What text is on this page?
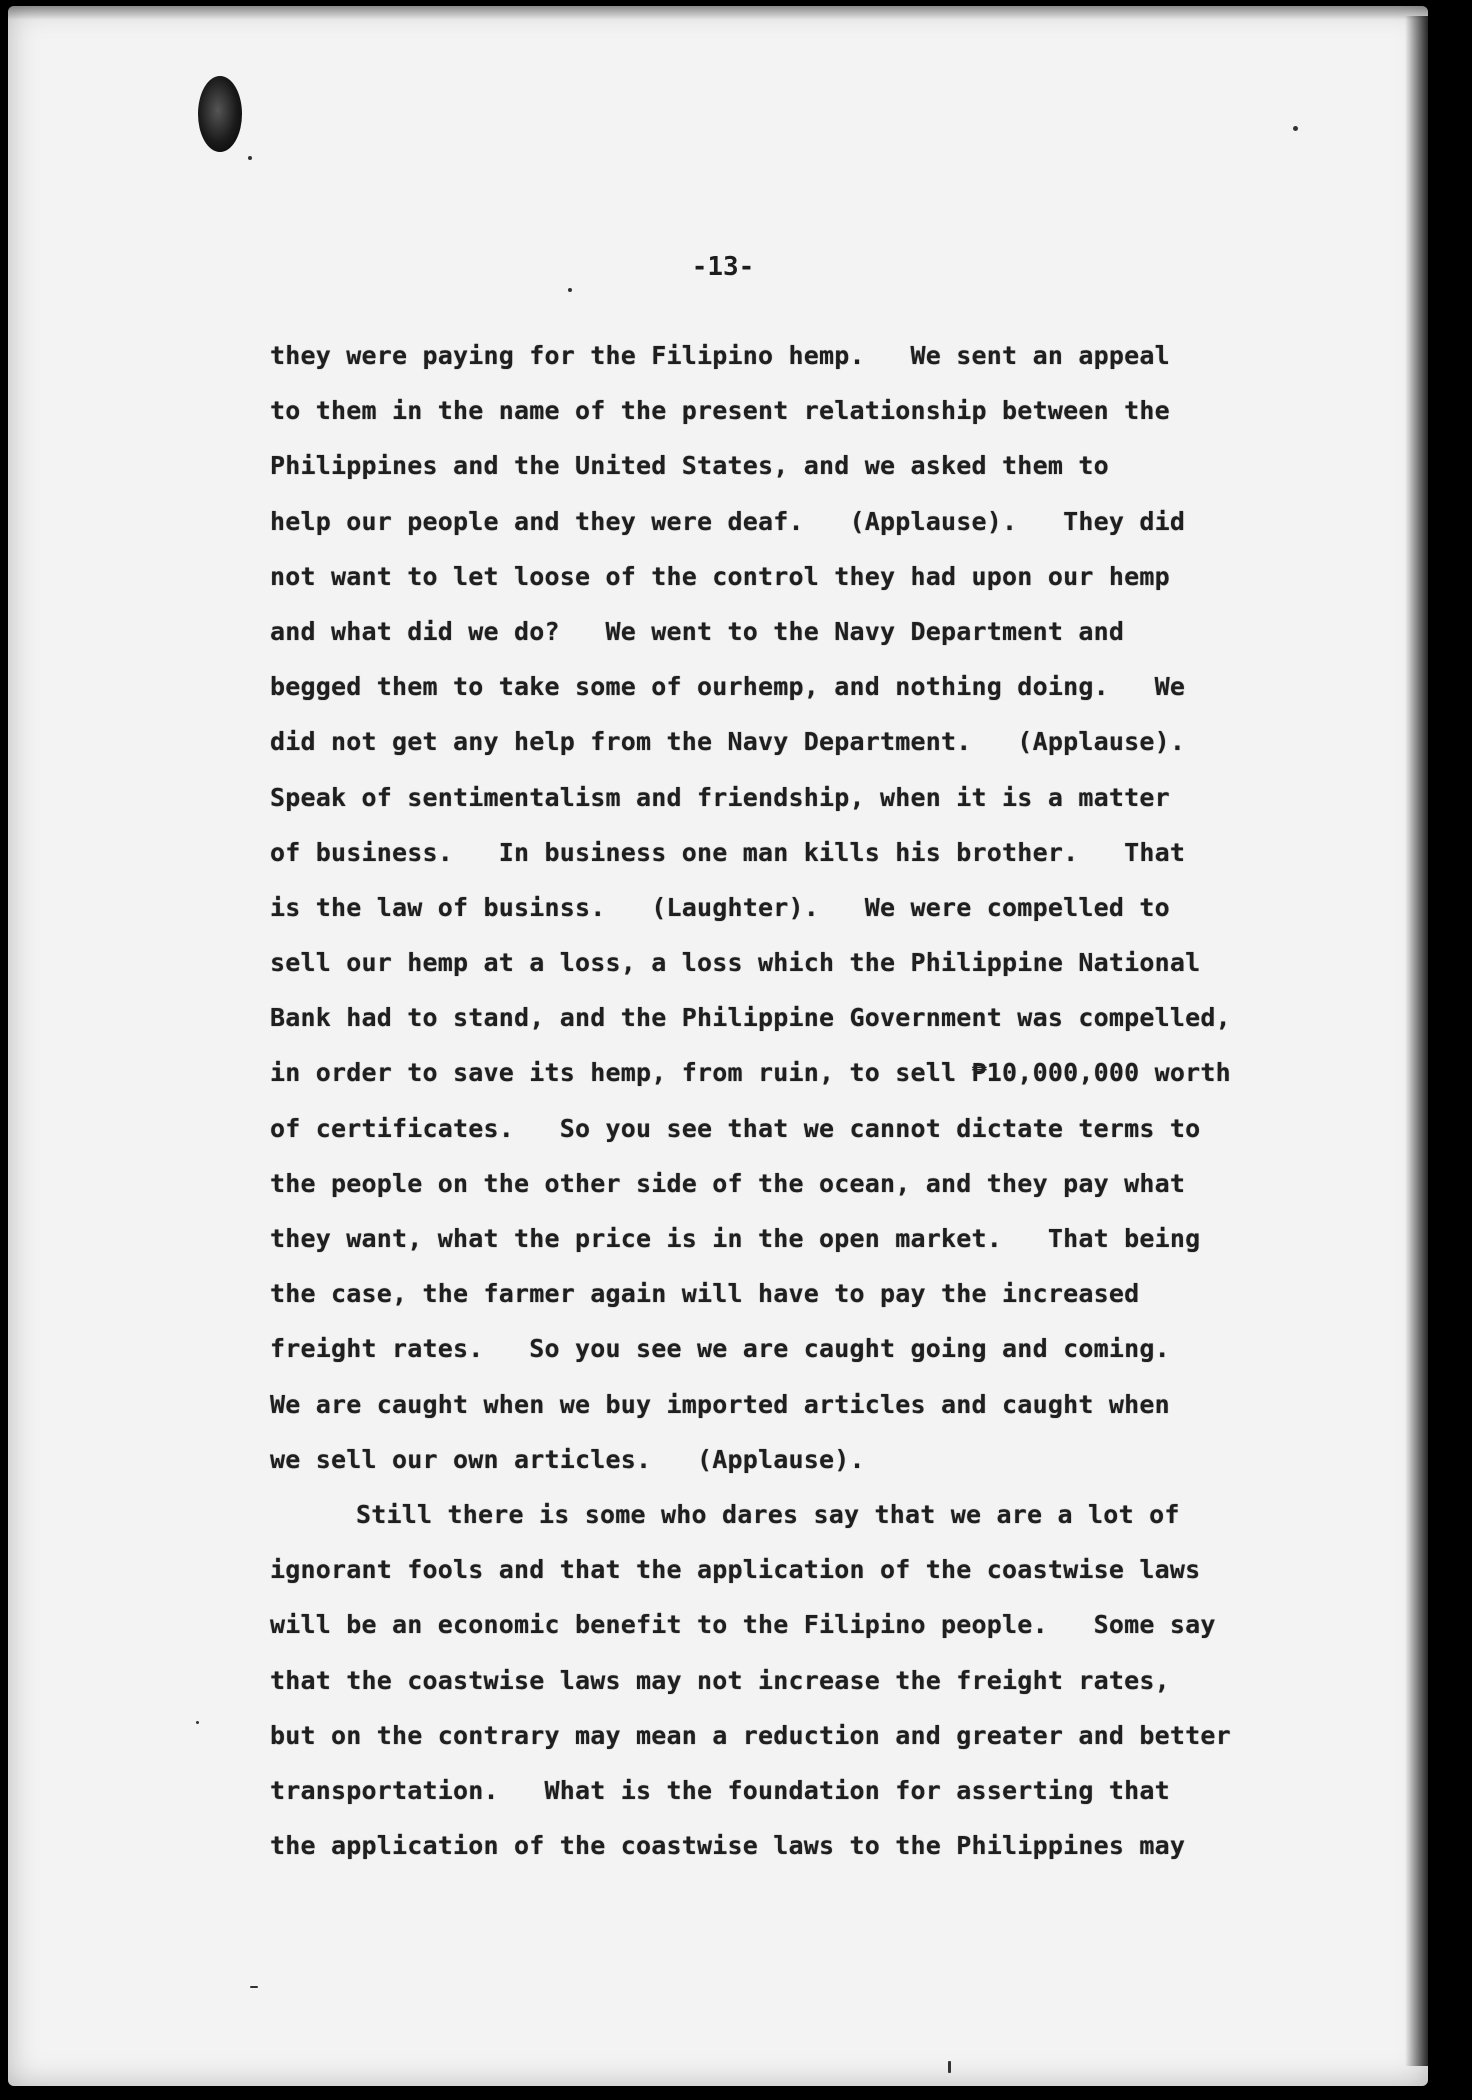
-13-
they were paying for the Filipino hemp.   We sent an appeal
to them in the name of the present relationship between the
Philippines and the United States, and we asked them to
help our people and they were deaf.   (Applause).   They did
not want to let loose of the control they had upon our hemp
and what did we do?   We went to the Navy Department and
begged them to take some of ourhemp, and nothing doing.   We
did not get any help from the Navy Department.   (Applause).
Speak of sentimentalism and friendship, when it is a matter
of business.   In business one man kills his brother.   That
is the law of businss.   (Laughter).   We were compelled to
sell our hemp at a loss, a loss which the Philippine National
Bank had to stand, and the Philippine Government was compelled,
in order to save its hemp, from ruin, to sell ₱10,000,000 worth
of certificates.   So you see that we cannot dictate terms to
the people on the other side of the ocean, and they pay what
they want, what the price is in the open market.   That being
the case, the farmer again will have to pay the increased
freight rates.   So you see we are caught going and coming.
We are caught when we buy imported articles and caught when
we sell our own articles.   (Applause).
Still there is some who dares say that we are a lot of
ignorant fools and that the application of the coastwise laws
will be an economic benefit to the Filipino people.   Some say
that the coastwise laws may not increase the freight rates,
but on the contrary may mean a reduction and greater and better
transportation.   What is the foundation for asserting that
the application of the coastwise laws to the Philippines may
